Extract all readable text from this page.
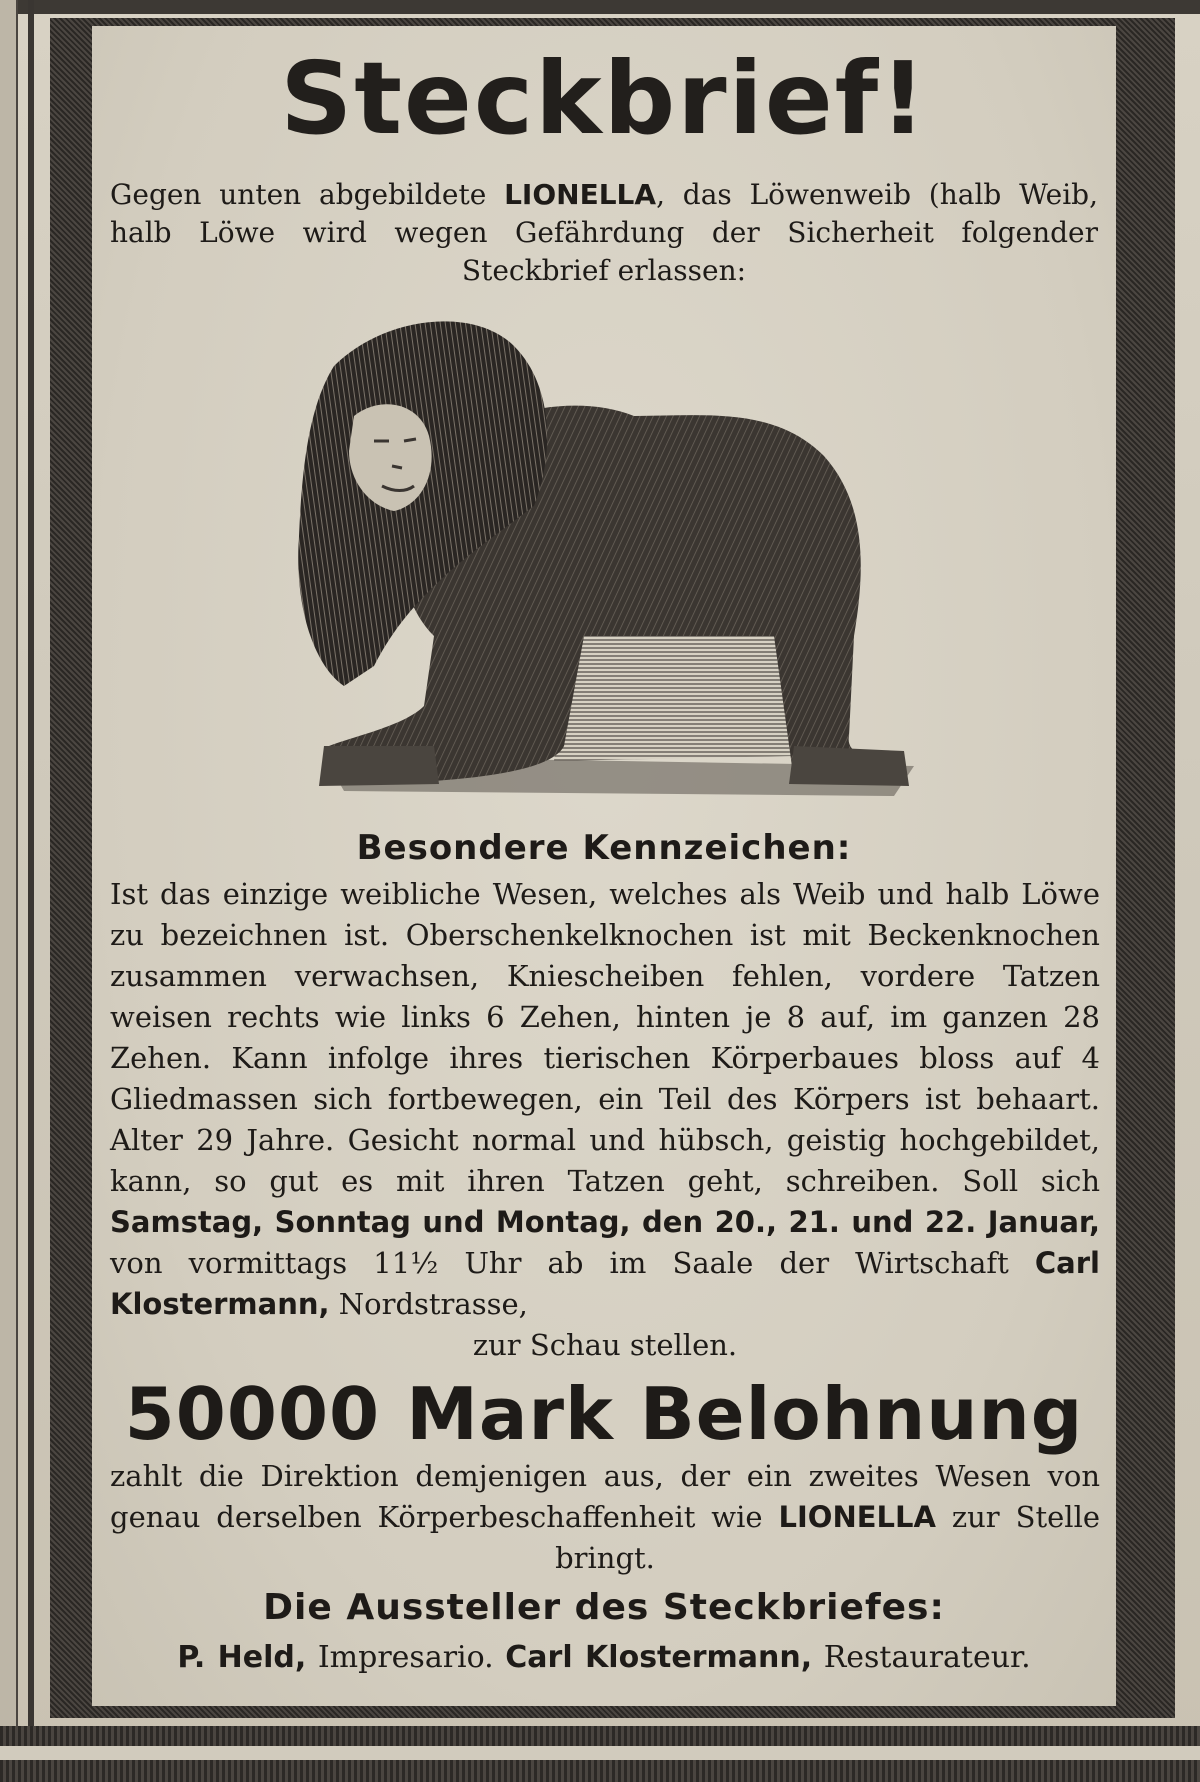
Steckbrief!
Gegen unten abgebildete LIONELLA, das Löwenweib (halb Weib, halb Löwe wird wegen Gefährdung der Sicherheit folgender Steckbrief erlassen:
Besondere Kennzeichen:
Ist das einzige weibliche Wesen, welches als Weib und halb Löwe zu bezeichnen ist. Oberschenkelknochen ist mit Beckenknochen zusammen verwachsen, Kniescheiben fehlen, vordere Tatzen weisen rechts wie links 6 Zehen, hinten je 8 auf, im ganzen 28 Zehen. Kann infolge ihres tierischen Körperbaues bloss auf 4 Gliedmassen sich fortbewegen, ein Teil des Körpers ist behaart. Alter 29 Jahre. Gesicht normal und hübsch, geistig hochgebildet, kann, so gut es mit ihren Tatzen geht, schreiben. Soll sich Samstag, Sonntag und Montag, den 20., 21. und 22. Januar, von vormittags 11½ Uhr ab im Saale der Wirtschaft Carl Klostermann, Nordstrasse,
zur Schau stellen.
50000 Mark Belohnung
zahlt die Direktion demjenigen aus, der ein zweites Wesen von genau derselben Körperbeschaffenheit wie LIONELLA zur Stelle bringt.
Die Aussteller des Steckbriefes:
P. Held, Impresario. Carl Klostermann, Restaurateur.
